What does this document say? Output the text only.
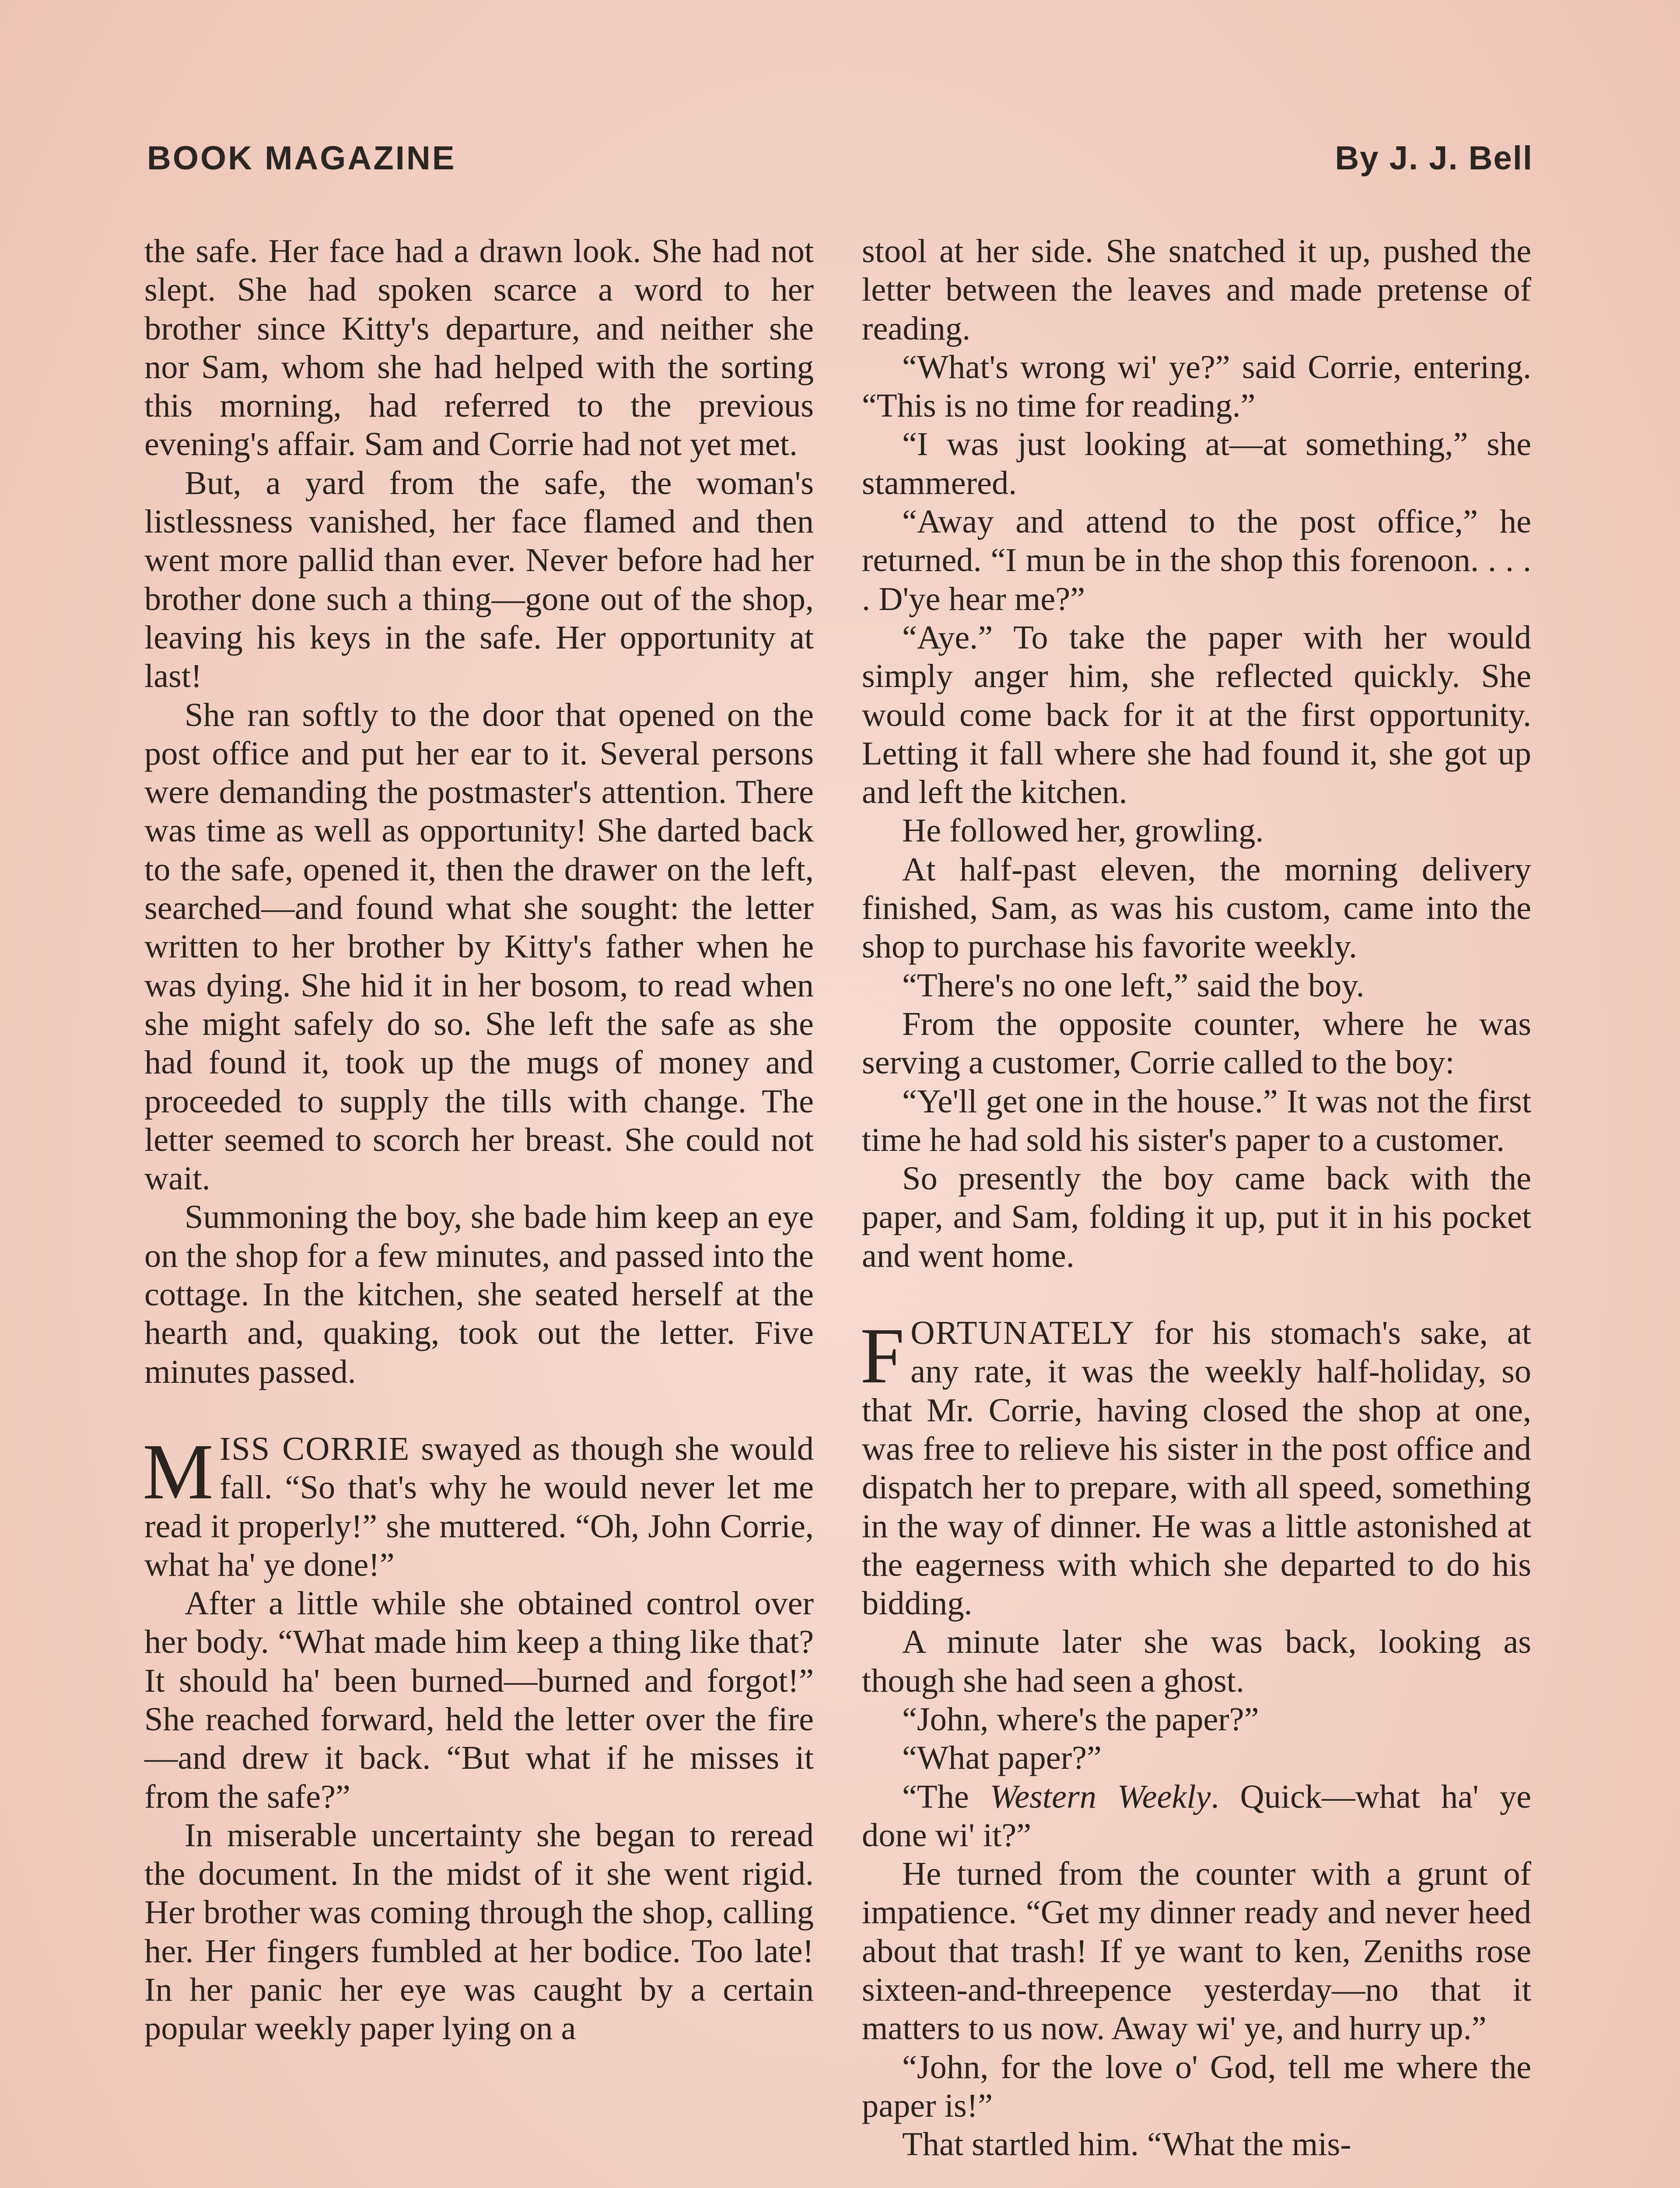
BOOK MAGAZINE	By J. J. Bell

the safe. Her face had a drawn look. She had not slept. She had spoken scarce a word to her brother since Kitty's departure, and neither she nor Sam, whom she had helped with the sorting this morning, had referred to the previous evening's affair. Sam and Corrie had not yet met.

But, a yard from the safe, the woman's listlessness vanished, her face flamed and then went more pallid than ever. Never before had her brother done such a thing—gone out of the shop, leaving his keys in the safe. Her opportunity at last!

She ran softly to the door that opened on the post office and put her ear to it. Several persons were demanding the postmaster's attention. There was time as well as opportunity! She darted back to the safe, opened it, then the drawer on the left, searched—and found what she sought: the letter written to her brother by Kitty's father when he was dying. She hid it in her bosom, to read when she might safely do so. She left the safe as she had found it, took up the mugs of money and proceeded to supply the tills with change. The letter seemed to scorch her breast. She could not wait.

Summoning the boy, she bade him keep an eye on the shop for a few minutes, and passed into the cottage. In the kitchen, she seated herself at the hearth and, quaking, took out the letter. Five minutes passed.

MISS CORRIE swayed as though she would fall. “So that's why he would never let me read it properly!” she muttered. “Oh, John Corrie, what ha' ye done!”

After a little while she obtained control over her body. “What made him keep a thing like that? It should ha' been burned—burned and forgot!” She reached forward, held the letter over the fire—and drew it back. “But what if he misses it from the safe?”

In miserable uncertainty she began to reread the document. In the midst of it she went rigid. Her brother was coming through the shop, calling her. Her fingers fumbled at her bodice. Too late! In her panic her eye was caught by a certain popular weekly paper lying on a

stool at her side. She snatched it up, pushed the letter between the leaves and made pretense of reading.

“What's wrong wi' ye?” said Corrie, entering. “This is no time for reading.”

“I was just looking at—at something,” she stammered.

“Away and attend to the post office,” he returned. “I mun be in the shop this forenoon. . . . . D'ye hear me?”

“Aye.” To take the paper with her would simply anger him, she reflected quickly. She would come back for it at the first opportunity. Letting it fall where she had found it, she got up and left the kitchen.

He followed her, growling.

At half-past eleven, the morning delivery finished, Sam, as was his custom, came into the shop to purchase his favorite weekly.

“There's no one left,” said the boy.

From the opposite counter, where he was serving a customer, Corrie called to the boy:

“Ye'll get one in the house.” It was not the first time he had sold his sister's paper to a customer.

So presently the boy came back with the paper, and Sam, folding it up, put it in his pocket and went home.

FORTUNATELY for his stomach's sake, at any rate, it was the weekly half-holiday, so that Mr. Corrie, having closed the shop at one, was free to relieve his sister in the post office and dispatch her to prepare, with all speed, something in the way of dinner. He was a little astonished at the eagerness with which she departed to do his bidding.

A minute later she was back, looking as though she had seen a ghost.

“John, where's the paper?”

“What paper?”

“The Western Weekly. Quick—what ha' ye done wi' it?”

He turned from the counter with a grunt of impatience. “Get my dinner ready and never heed about that trash! If ye want to ken, Zeniths rose sixteen-and-threepence yesterday—no that it matters to us now. Away wi' ye, and hurry up.”

“John, for the love o' God, tell me where the paper is!”

That startled him. “What the mis-
